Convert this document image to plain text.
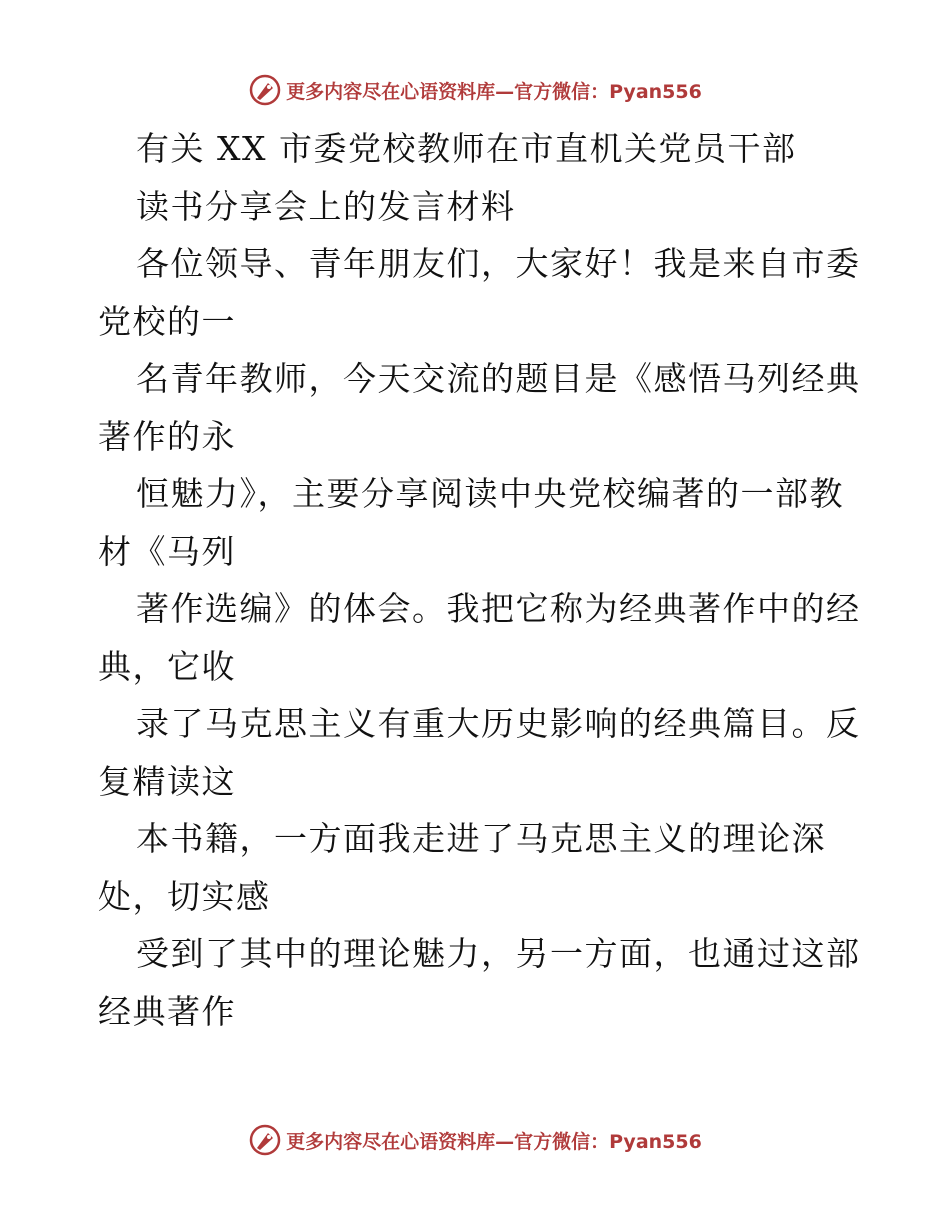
更多内容尽在心语资料库—官方微信：Pyan556
有关 XX 市委党校教师在市直机关党员干部
读书分享会上的发言材料
各位领导、青年朋友们，大家好！我是来自市委
党校的一
名青年教师，今天交流的题目是《感悟马列经典
著作的永
恒魅力》，主要分享阅读中央党校编著的一部教
材《马列
著作选编》的体会。我把它称为经典著作中的经
典，它收
录了马克思主义有重大历史影响的经典篇目。反
复精读这
本书籍，一方面我走进了马克思主义的理论深
处，切实感
受到了其中的理论魅力，另一方面，也通过这部
经典著作
更多内容尽在心语资料库—官方微信：Pyan556
